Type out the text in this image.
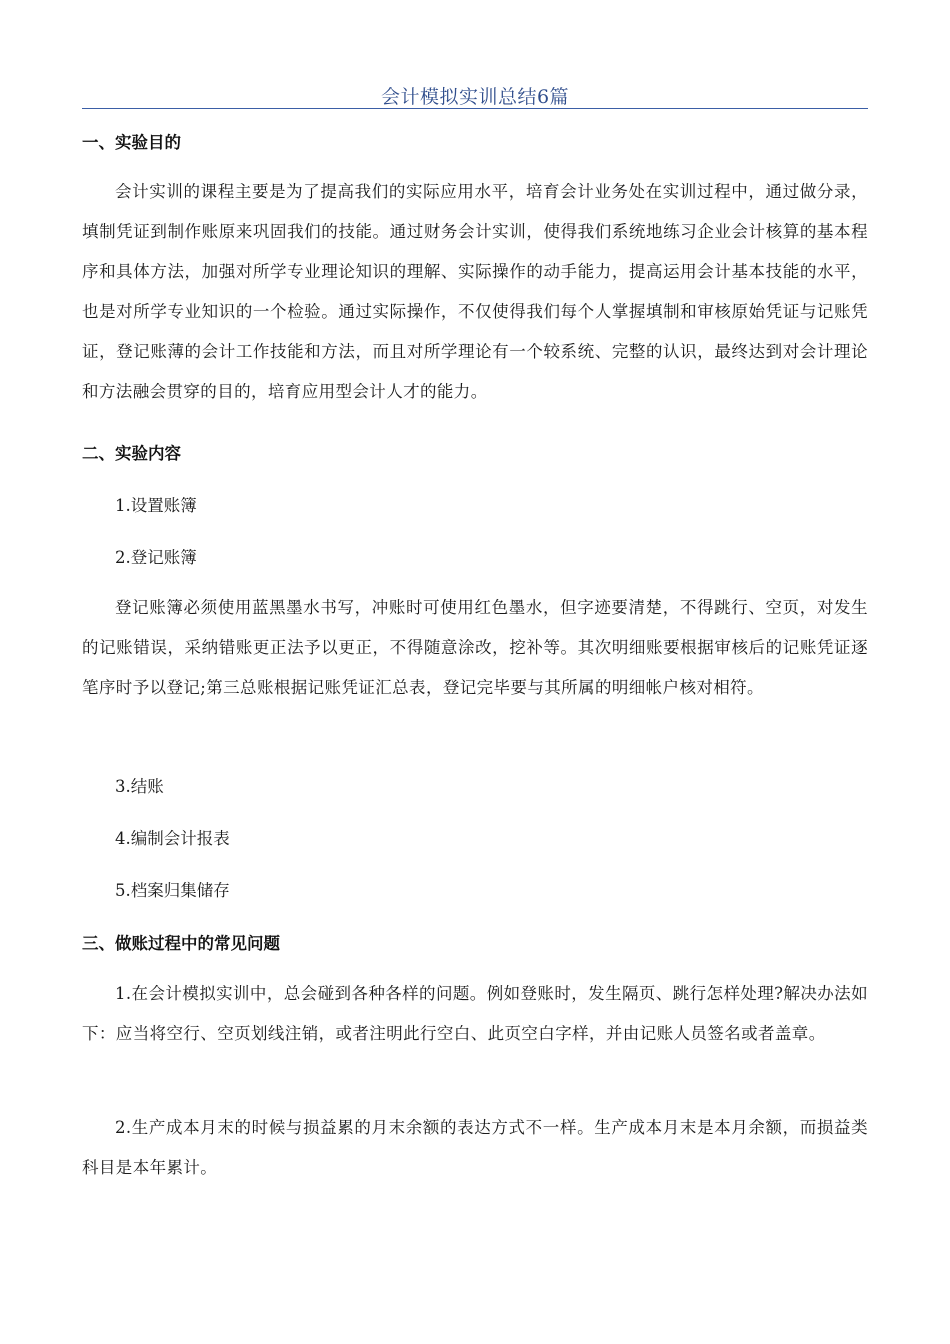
会计模拟实训总结6篇
一、实验目的

会计实训的课程主要是为了提高我们的实际应用水平，培育会计业务处在实训过程中，通过做分录，填制凭证到制作账原来巩固我们的技能。通过财务会计实训，使得我们系统地练习企业会计核算的基本程序和具体方法，加强对所学专业理论知识的理解、实际操作的动手能力，提高运用会计基本技能的水平，也是对所学专业知识的一个检验。通过实际操作，不仅使得我们每个人掌握填制和审核原始凭证与记账凭证，登记账薄的会计工作技能和方法，而且对所学理论有一个较系统、完整的认识，最终达到对会计理论和方法融会贯穿的目的，培育应用型会计人才的能力。

二、实验内容
1.设置账簿
2.登记账簿

登记账簿必须使用蓝黑墨水书写，冲账时可使用红色墨水，但字迹要清楚，不得跳行、空页，对发生的记账错误，采纳错账更正法予以更正，不得随意涂改，挖补等。其次明细账要根据审核后的记账凭证逐笔序时予以登记;第三总账根据记账凭证汇总表，登记完毕要与其所属的明细帐户核对相符。

3.结账
4.编制会计报表
5.档案归集储存
三、做账过程中的常见问题

1.在会计模拟实训中，总会碰到各种各样的问题。例如登账时，发生隔页、跳行怎样处理?解决办法如下：应当将空行、空页划线注销，或者注明此行空白、此页空白字样，并由记账人员签名或者盖章。

2.生产成本月末的时候与损益累的月末余额的表达方式不一样。生产成本月末是本月余额，而损益类科目是本年累计。
